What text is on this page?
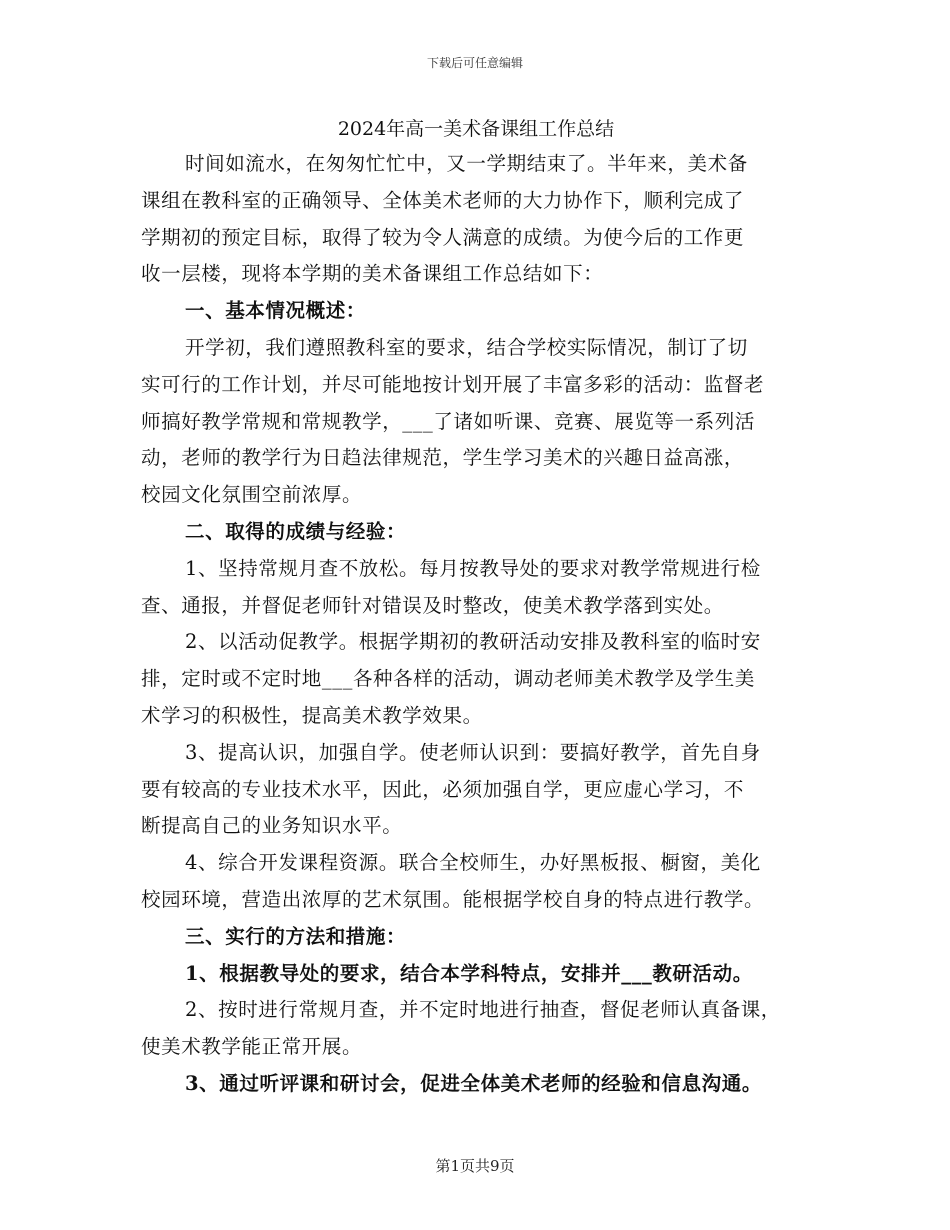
下载后可任意编辑
2024年高一美术备课组工作总结
时间如流水，在匆匆忙忙中，又一学期结束了。半年来，美术备
课组在教科室的正确领导、全体美术老师的大力协作下，顺利完成了
学期初的预定目标，取得了较为令人满意的成绩。为使今后的工作更
收一层楼，现将本学期的美术备课组工作总结如下：
一、基本情况概述：
开学初，我们遵照教科室的要求，结合学校实际情况，制订了切
实可行的工作计划，并尽可能地按计划开展了丰富多彩的活动：监督老
师搞好教学常规和常规教学，___了诸如听课、竞赛、展览等一系列活
动，老师的教学行为日趋法律规范，学生学习美术的兴趣日益高涨，
校园文化氛围空前浓厚。
二、取得的成绩与经验：
1、坚持常规月查不放松。每月按教导处的要求对教学常规进行检
查、通报，并督促老师针对错误及时整改，使美术教学落到实处。
2、以活动促教学。根据学期初的教研活动安排及教科室的临时安
排，定时或不定时地___各种各样的活动，调动老师美术教学及学生美
术学习的积极性，提高美术教学效果。
3、提高认识，加强自学。使老师认识到：要搞好教学，首先自身
要有较高的专业技术水平，因此，必须加强自学，更应虚心学习，不
断提高自己的业务知识水平。
4、综合开发课程资源。联合全校师生，办好黑板报、橱窗，美化
校园环境，营造出浓厚的艺术氛围。能根据学校自身的特点进行教学。
三、实行的方法和措施：
1、根据教导处的要求，结合本学科特点，安排并___教研活动。
2、按时进行常规月查，并不定时地进行抽查，督促老师认真备课，
使美术教学能正常开展。
3、通过听评课和研讨会，促进全体美术老师的经验和信息沟通。
第1页共9页
